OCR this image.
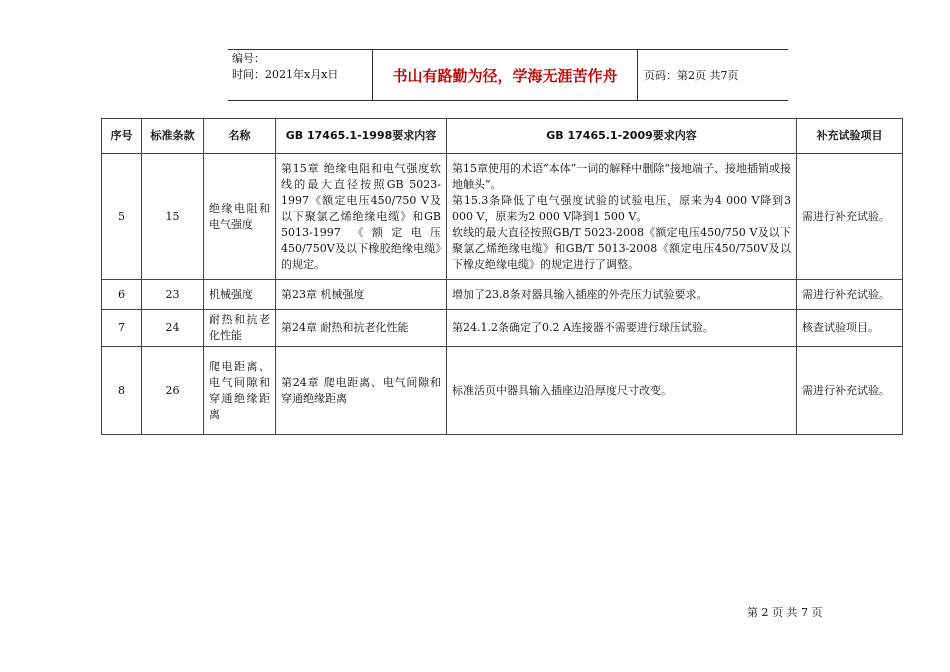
编号：
时间：2021年x月x日	书山有路勤为径，学海无涯苦作舟	页码：第2页 共7页
序号	标准条款	名称	GB 17465.1-1998要求内容	GB 17465.1-2009要求内容	补充试验项目
5	15	绝缘电阻和电气强度	第15章 绝缘电阻和电气强度软线的最大直径按照GB 5023-1997《额定电压450/750 V及以下聚氯乙烯绝缘电缆》和GB 5013-1997 《额定电压450/750V及以下橡胶绝缘电缆》的规定。	第15章使用的术语“本体”一词的解释中删除“接地端子、接地插销或接地触头”。
第15.3条降低了电气强度试验的试验电压，原来为4 000 V降到3 000 V，原来为2 000 V降到1 500 V。
软线的最大直径按照GB/T 5023-2008《额定电压450/750 V及以下聚氯乙烯绝缘电缆》和GB/T 5013-2008《额定电压450/750V及以下橡皮绝缘电缆》的规定进行了调整。	需进行补充试验。
6	23	机械强度	第23章 机械强度	增加了23.8条对器具输入插座的外壳压力试验要求。	需进行补充试验。
7	24	耐热和抗老化性能	第24章 耐热和抗老化性能	第24.1.2条确定了0.2 A连接器不需要进行球压试验。	核查试验项目。
8	26	爬电距离、电气间隙和穿通绝缘距离	第24章 爬电距离、电气间隙和穿通绝缘距离	标准活页中器具输入插座边沿厚度尺寸改变。	需进行补充试验。
第 2 页 共 7 页
